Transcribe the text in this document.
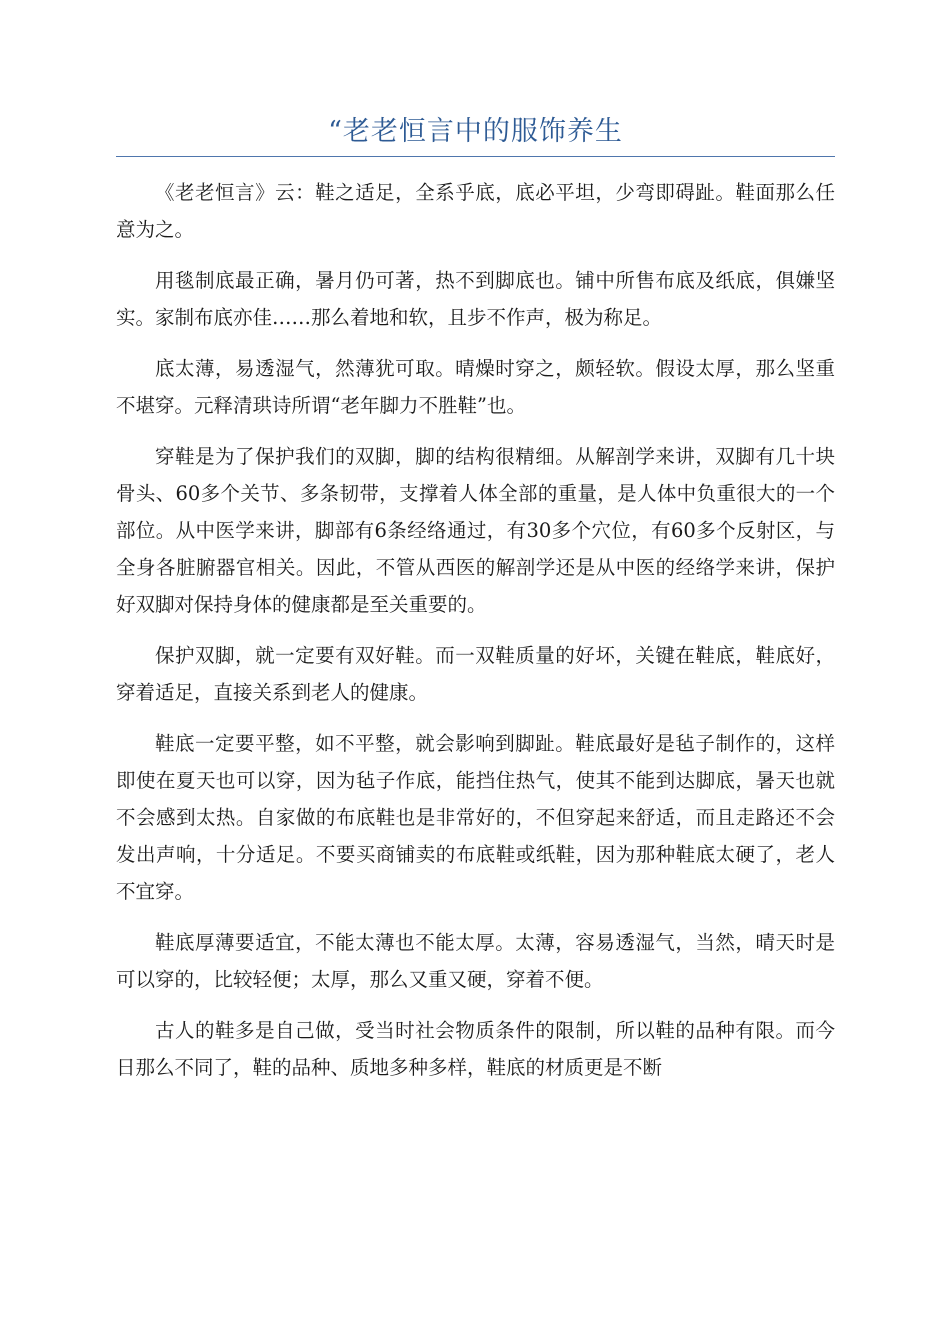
“老老恒言中的服饰养生

《老老恒言》云：鞋之适足，全系乎底，底必平坦，少弯即碍趾。鞋面那么任意为之。

用毯制底最正确，暑月仍可著，热不到脚底也。铺中所售布底及纸底，俱嫌坚实。家制布底亦佳……那么着地和软，且步不作声，极为称足。

底太薄，易透湿气，然薄犹可取。晴燥时穿之，颇轻软。假设太厚，那么坚重不堪穿。元释清珙诗所谓“老年脚力不胜鞋”也。

穿鞋是为了保护我们的双脚，脚的结构很精细。从解剖学来讲，双脚有几十块骨头、60多个关节、多条韧带，支撑着人体全部的重量，是人体中负重很大的一个部位。从中医学来讲，脚部有6条经络通过，有30多个穴位，有60多个反射区，与全身各脏腑器官相关。因此，不管从西医的解剖学还是从中医的经络学来讲，保护好双脚对保持身体的健康都是至关重要的。

保护双脚，就一定要有双好鞋。而一双鞋质量的好坏，关键在鞋底，鞋底好，穿着适足，直接关系到老人的健康。

鞋底一定要平整，如不平整，就会影响到脚趾。鞋底最好是毡子制作的，这样即使在夏天也可以穿，因为毡子作底，能挡住热气，使其不能到达脚底，暑天也就不会感到太热。自家做的布底鞋也是非常好的，不但穿起来舒适，而且走路还不会发出声响，十分适足。不要买商铺卖的布底鞋或纸鞋，因为那种鞋底太硬了，老人不宜穿。

鞋底厚薄要适宜，不能太薄也不能太厚。太薄，容易透湿气，当然，晴天时是可以穿的，比较轻便；太厚，那么又重又硬，穿着不便。

古人的鞋多是自己做，受当时社会物质条件的限制，所以鞋的品种有限。而今日那么不同了，鞋的品种、质地多种多样，鞋底的材质更是不断
